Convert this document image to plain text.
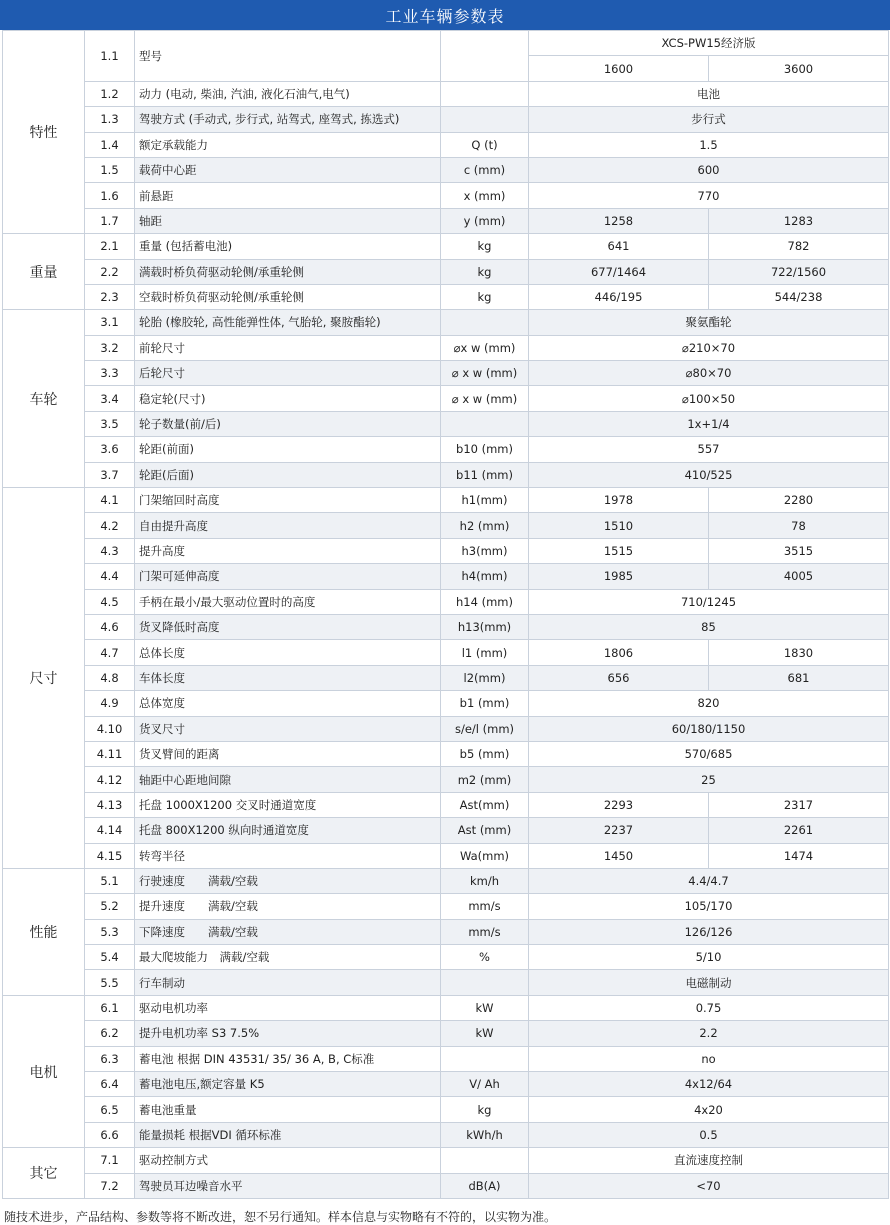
工业车辆参数表
特性	1.1	型号		XCS-PW15经济版	
				1600	3600
	1.2	动力 (电动, 柴油, 汽油, 液化石油气,电气)		电池	
	1.3	驾驶方式 (手动式, 步行式, 站驾式, 座驾式, 拣选式)		步行式	
	1.4	额定承载能力	Q (t)	1.5	
	1.5	载荷中心距	c (mm)	600	
	1.6	前悬距	x (mm)	770	
	1.7	轴距	y (mm)	1258	1283
重量	2.1	重量 (包括蓄电池)	kg	641	782
	2.2	满载时桥负荷驱动轮侧/承重轮侧	kg	677/1464	722/1560
	2.3	空载时桥负荷驱动轮侧/承重轮侧	kg	446/195	544/238
车轮	3.1	轮胎 (橡胶轮, 高性能弹性体, 气胎轮, 聚胺酯轮)		聚氨酯轮	
	3.2	前轮尺寸	⌀x w (mm)	⌀210×70	
	3.3	后轮尺寸	⌀ x w (mm)	⌀80×70	
	3.4	稳定轮(尺寸)	⌀ x w (mm)	⌀100×50	
	3.5	轮子数量(前/后)		1x+1/4	
	3.6	轮距(前面)	b10 (mm)	557	
	3.7	轮距(后面)	b11 (mm)	410/525	
尺寸	4.1	门架缩回时高度	h1(mm)	1978	2280
	4.2	自由提升高度	h2 (mm)	1510	78
	4.3	提升高度	h3(mm)	1515	3515
	4.4	门架可延伸高度	h4(mm)	1985	4005
	4.5	手柄在最小/最大驱动位置时的高度	h14 (mm)	710/1245	
	4.6	货叉降低时高度	h13(mm)	85	
	4.7	总体长度	l1 (mm)	1806	1830
	4.8	车体长度	l2(mm)	656	681
	4.9	总体宽度	b1 (mm)	820	
	4.10	货叉尺寸	s/e/l (mm)	60/180/1150	
	4.11	货叉臂间的距离	b5 (mm)	570/685	
	4.12	轴距中心距地间隙	m2 (mm)	25	
	4.13	托盘 1000X1200 交叉时通道宽度	Ast(mm)	2293	2317
	4.14	托盘 800X1200 纵向时通道宽度	Ast (mm)	2237	2261
	4.15	转弯半径	Wa(mm)	1450	1474
性能	5.1	行驶速度　　满载/空载	km/h	4.4/4.7	
	5.2	提升速度　　满载/空载	mm/s	105/170	
	5.3	下降速度　　满载/空载	mm/s	126/126	
	5.4	最大爬坡能力　满载/空载	%	5/10	
	5.5	行车制动		电磁制动	
电机	6.1	驱动电机功率	kW	0.75	
	6.2	提升电机功率 S3 7.5%	kW	2.2	
	6.3	蓄电池 根据 DIN 43531/ 35/ 36 A, B, C标准		no	
	6.4	蓄电池电压,额定容量 K5	V/ Ah	4x12/64	
	6.5	蓄电池重量	kg	4x20	
	6.6	能量损耗 根据VDI 循环标准	kWh/h	0.5	
其它	7.1	驱动控制方式		直流速度控制	
	7.2	驾驶员耳边噪音水平	dB(A)	<70	
随技术进步，产品结构、参数等将不断改进，恕不另行通知。样本信息与实物略有不符的，以实物为准。
